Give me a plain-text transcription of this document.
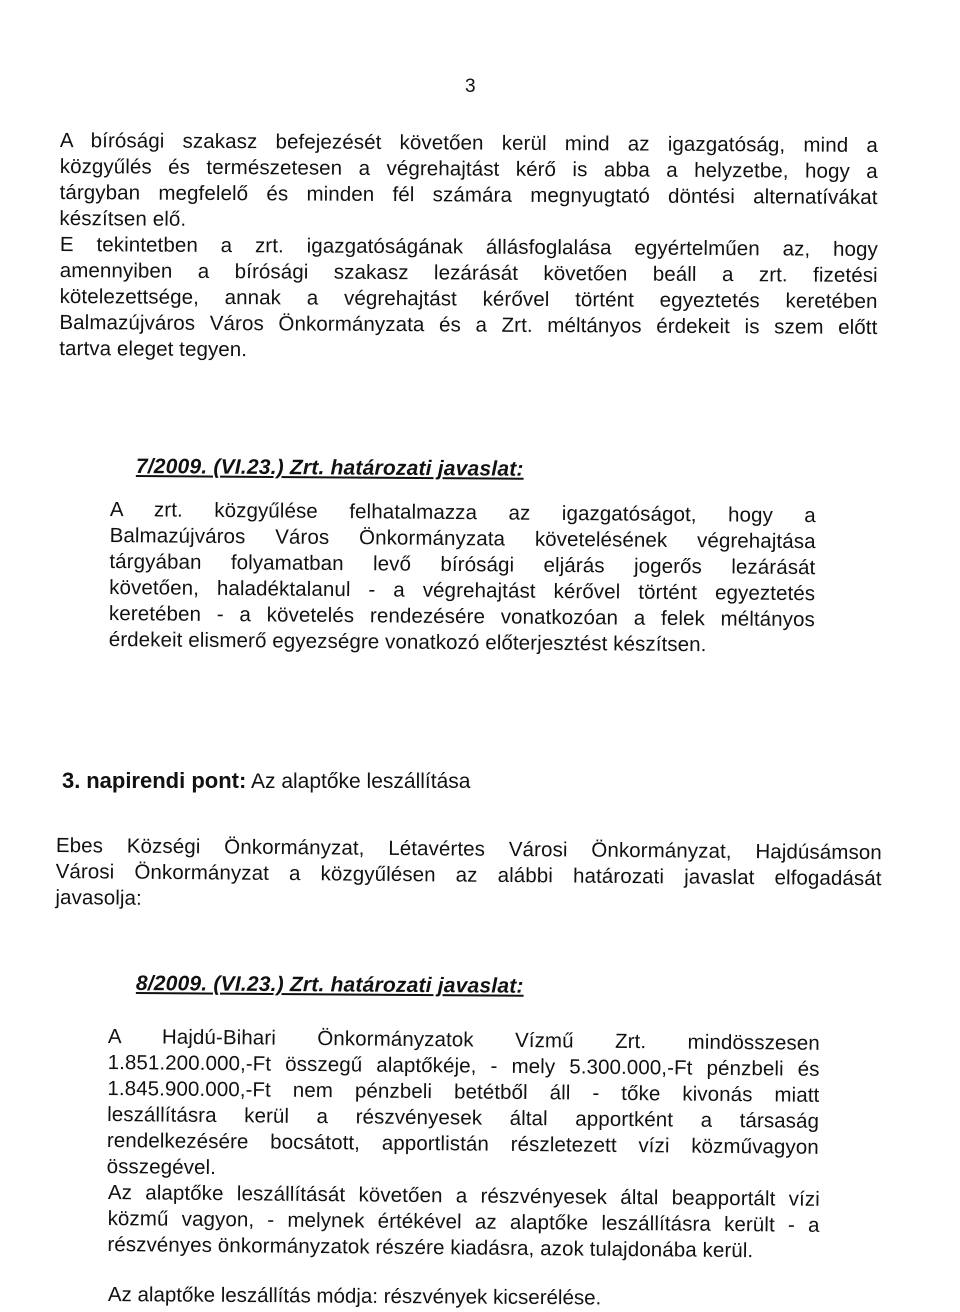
3
A bírósági szakasz befejezését követően kerül mind az igazgatóság, mind a
közgyűlés és természetesen a végrehajtást kérő is abba a helyzetbe, hogy a
tárgyban megfelelő és minden fél számára megnyugtató döntési alternatívákat
készítsen elő.
E tekintetben a zrt. igazgatóságának állásfoglalása egyértelműen az, hogy
amennyiben a bírósági szakasz lezárását követően beáll a zrt. fizetési
kötelezettsége, annak a végrehajtást kérővel történt egyeztetés keretében
Balmazújváros Város Önkormányzata és a Zrt. méltányos érdekeit is szem előtt
tartva eleget tegyen.
7/2009. (VI.23.) Zrt. határozati javaslat:
A zrt. közgyűlése felhatalmazza az igazgatóságot, hogy a
Balmazújváros Város Önkormányzata követelésének végrehajtása
tárgyában folyamatban levő bírósági eljárás jogerős lezárását
követően, haladéktalanul - a végrehajtást kérővel történt egyeztetés
keretében - a követelés rendezésére vonatkozóan a felek méltányos
érdekeit elismerő egyezségre vonatkozó előterjesztést készítsen.
3. napirendi pont: Az alaptőke leszállítása
Ebes Községi Önkormányzat, Létavértes Városi Önkormányzat, Hajdúsámson
Városi Önkormányzat a közgyűlésen az alábbi határozati javaslat elfogadását
javasolja:
8/2009. (VI.23.) Zrt. határozati javaslat:
A Hajdú-Bihari Önkormányzatok Vízmű Zrt. mindösszesen
1.851.200.000,-Ft összegű alaptőkéje, - mely 5.300.000,-Ft pénzbeli és
1.845.900.000,-Ft nem pénzbeli betétből áll - tőke kivonás miatt
leszállításra kerül a részvényesek által apportként a társaság
rendelkezésére bocsátott, apportlistán részletezett vízi közművagyon
összegével.
Az alaptőke leszállítását követően a részvényesek által beapportált vízi
közmű vagyon, - melynek értékével az alaptőke leszállításra került - a
részvényes önkormányzatok részére kiadásra, azok tulajdonába kerül.
Az alaptőke leszállítás módja: részvények kicserélése.
